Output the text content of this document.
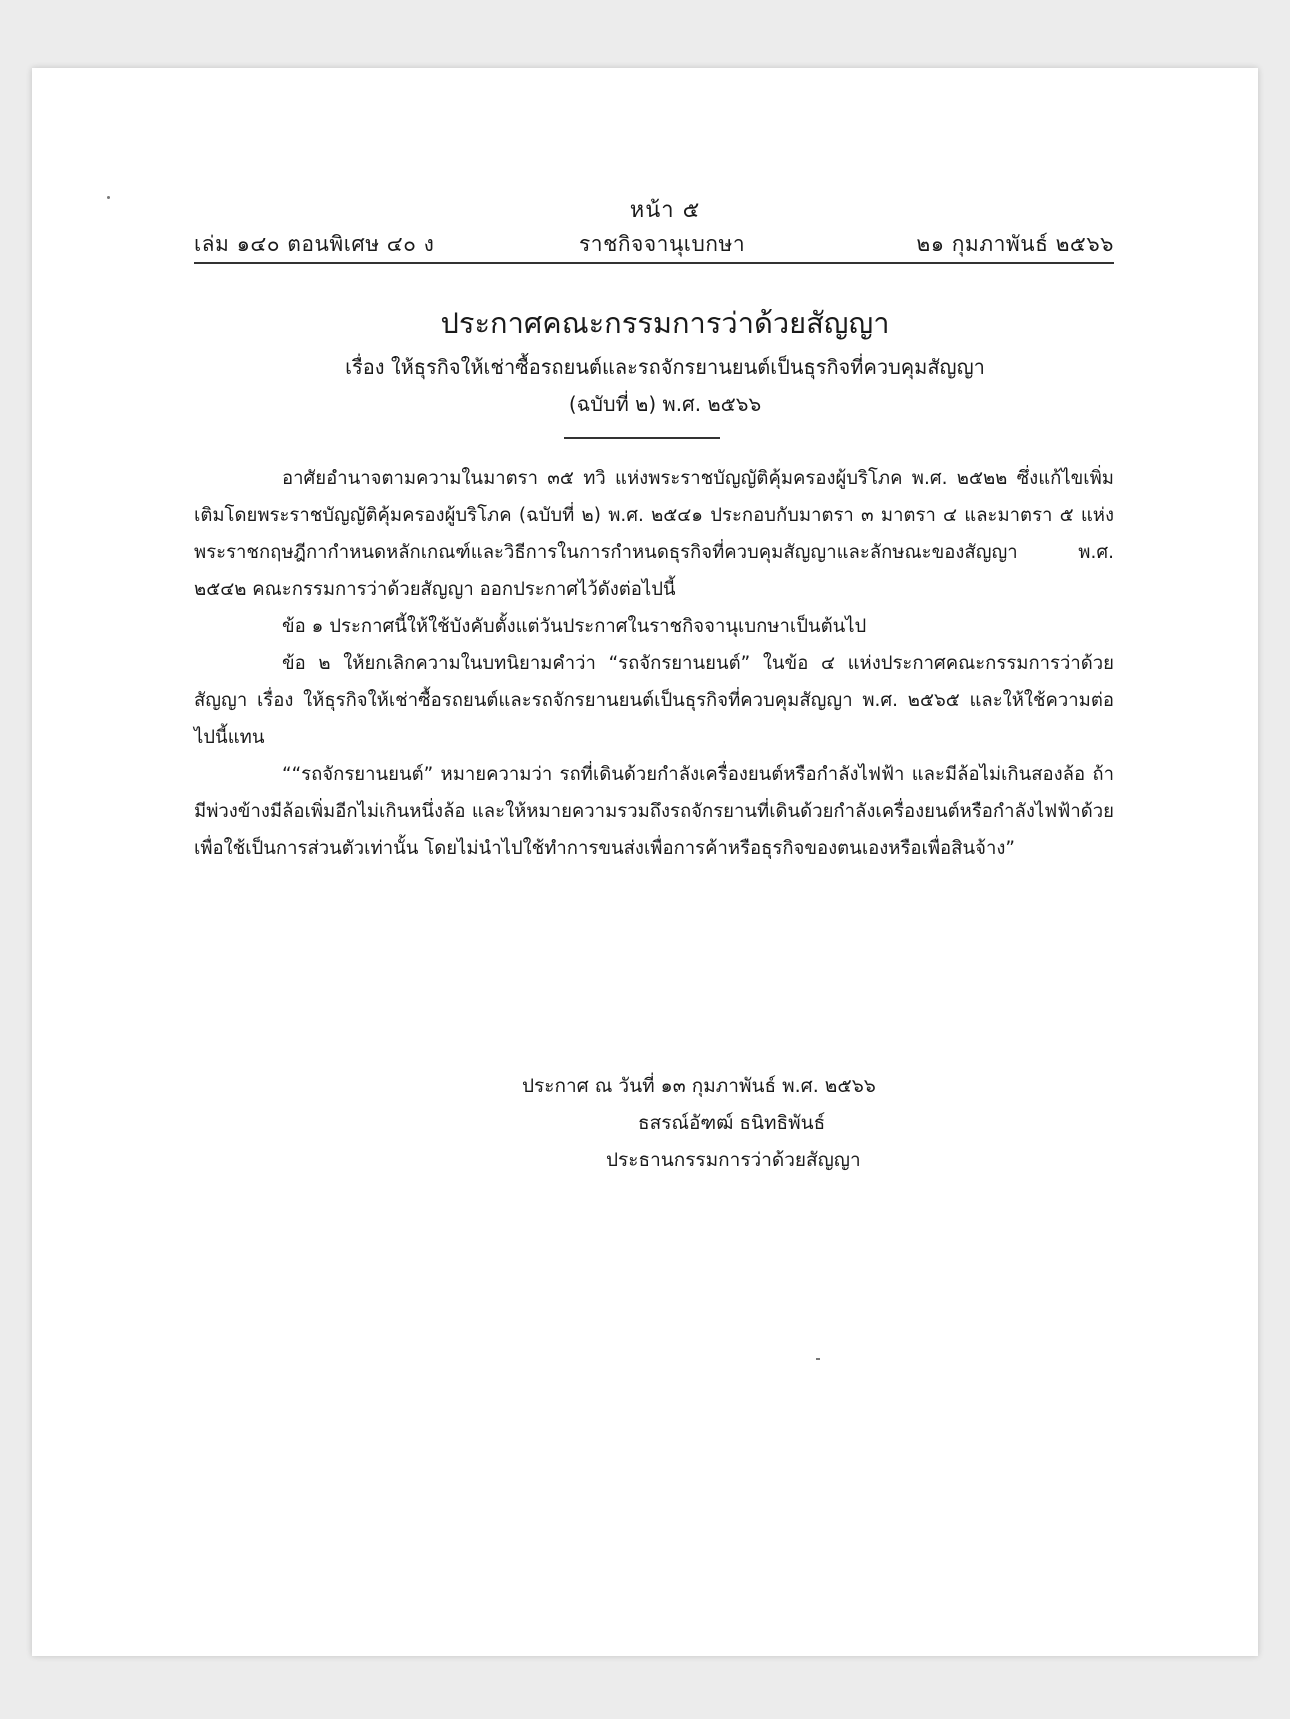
หน้า ๕
เล่ม ๑๔๐ ตอนพิเศษ ๔๐ ง	ราชกิจจานุเบกษา	๒๑ กุมภาพันธ์ ๒๕๖๖
ประกาศคณะกรรมการว่าด้วยสัญญา
เรื่อง ให้ธุรกิจให้เช่าซื้อรถยนต์และรถจักรยานยนต์เป็นธุรกิจที่ควบคุมสัญญา
(ฉบับที่ ๒) พ.ศ. ๒๕๖๖

อาศัยอำนาจตามความในมาตรา ๓๕ ทวิ แห่งพระราชบัญญัติคุ้มครองผู้บริโภค พ.ศ. ๒๕๒๒ ซึ่งแก้ไขเพิ่มเติมโดยพระราชบัญญัติคุ้มครองผู้บริโภค (ฉบับที่ ๒) พ.ศ. ๒๕๔๑ ประกอบกับมาตรา ๓ มาตรา ๔ และมาตรา ๕ แห่งพระราชกฤษฎีกากำหนดหลักเกณฑ์และวิธีการในการกำหนดธุรกิจที่ควบคุมสัญญาและลักษณะของสัญญา พ.ศ. ๒๕๔๒ คณะกรรมการว่าด้วยสัญญา ออกประกาศไว้ดังต่อไปนี้

ข้อ ๑ ประกาศนี้ให้ใช้บังคับตั้งแต่วันประกาศในราชกิจจานุเบกษาเป็นต้นไป

ข้อ ๒ ให้ยกเลิกความในบทนิยามคำว่า “รถจักรยานยนต์” ในข้อ ๔ แห่งประกาศคณะกรรมการว่าด้วยสัญญา เรื่อง ให้ธุรกิจให้เช่าซื้อรถยนต์และรถจักรยานยนต์เป็นธุรกิจที่ควบคุมสัญญา พ.ศ. ๒๕๖๕ และให้ใช้ความต่อไปนี้แทน

““รถจักรยานยนต์” หมายความว่า รถที่เดินด้วยกำลังเครื่องยนต์หรือกำลังไฟฟ้า และมีล้อไม่เกินสองล้อ ถ้ามีพ่วงข้างมีล้อเพิ่มอีกไม่เกินหนึ่งล้อ และให้หมายความรวมถึงรถจักรยานที่เดินด้วยกำลังเครื่องยนต์หรือกำลังไฟฟ้าด้วย เพื่อใช้เป็นการส่วนตัวเท่านั้น โดยไม่นำไปใช้ทำการขนส่งเพื่อการค้าหรือธุรกิจของตนเองหรือเพื่อสินจ้าง”

ประกาศ ณ วันที่ ๑๓ กุมภาพันธ์ พ.ศ. ๒๕๖๖
ธสรณ์อัฑฒ์ ธนิทธิพันธ์
ประธานกรรมการว่าด้วยสัญญา
